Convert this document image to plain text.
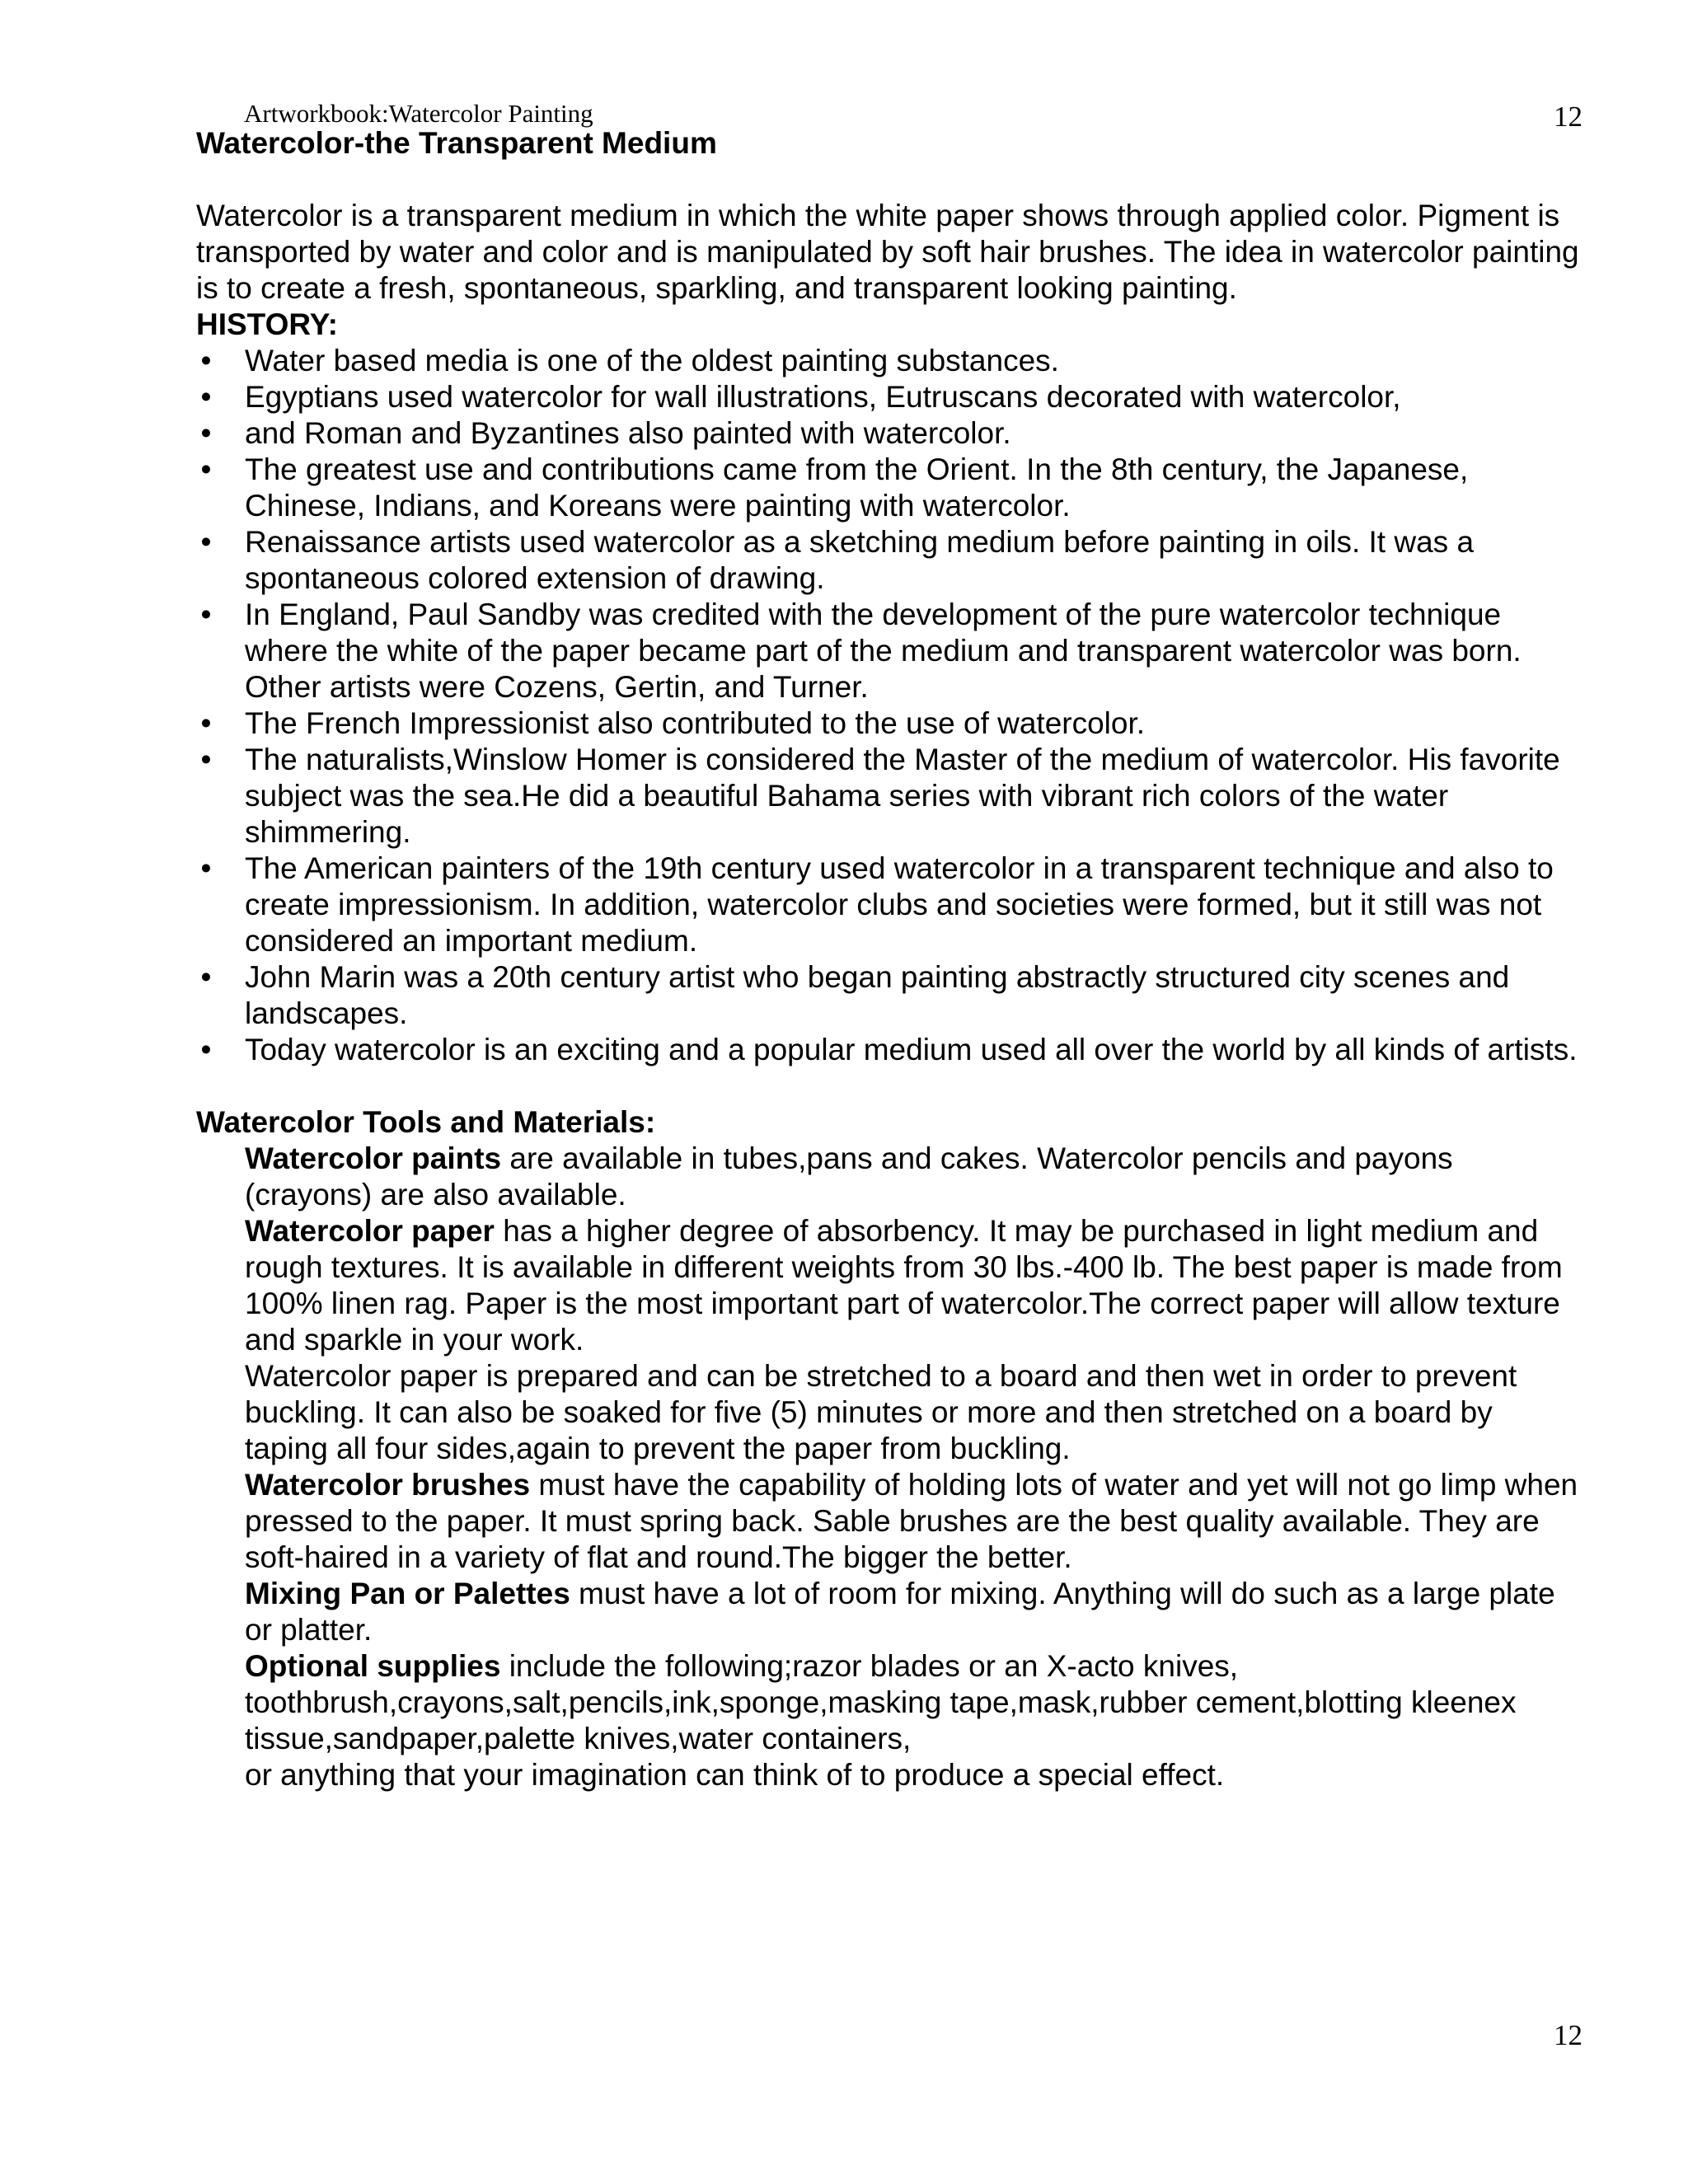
Artworkbook:Watercolor Painting	12
Watercolor-the Transparent Medium

Watercolor is a transparent medium in which the white paper shows through applied color. Pigment is transported by water and color and is manipulated by soft hair brushes. The idea in watercolor painting is to create a fresh, spontaneous, sparkling, and transparent looking painting.

HISTORY:
• Water based media is one of the oldest painting substances.
• Egyptians used watercolor for wall illustrations, Eutruscans decorated with watercolor,
• and Roman and Byzantines also painted with watercolor.
• The greatest use and contributions came from the Orient. In the 8th century, the Japanese, Chinese, Indians, and Koreans were painting with watercolor.
• Renaissance artists used watercolor as a sketching medium before painting in oils. It was a spontaneous colored extension of drawing.
• In England, Paul Sandby was credited with the development of the pure watercolor technique where the white of the paper became part of the medium and transparent watercolor was born. Other artists were Cozens, Gertin, and Turner.
• The French Impressionist also contributed to the use of watercolor.
• The naturalists,Winslow Homer is considered the Master of the medium of watercolor. His favorite subject was the sea.He did a beautiful Bahama series with vibrant rich colors of the water shimmering.
• The American painters of the 19th century used watercolor in a transparent technique and also to create impressionism. In addition, watercolor clubs and societies were formed, but it still was not considered an important medium.
• John Marin was a 20th century artist who began painting abstractly structured city scenes and landscapes.
• Today watercolor is an exciting and a popular medium used all over the world by all kinds of artists.
Watercolor Tools and Materials:

Watercolor paints are available in tubes,pans and cakes. Watercolor pencils and payons (crayons) are also available.

Watercolor paper has a higher degree of absorbency. It may be purchased in light medium and rough textures. It is available in different weights from 30 lbs.-400 lb. The best paper is made from 100% linen rag. Paper is the most important part of watercolor.The correct paper will allow texture and sparkle in your work.

Watercolor paper is prepared and can be stretched to a board and then wet in order to prevent buckling. It can also be soaked for five (5) minutes or more and then stretched on a board by taping all four sides,again to prevent the paper from buckling.

Watercolor brushes must have the capability of holding lots of water and yet will not go limp when pressed to the paper. It must spring back. Sable brushes are the best quality available. They are soft-haired in a variety of flat and round.The bigger the better.

Mixing Pan or Palettes must have a lot of room for mixing. Anything will do such as a large plate or platter.

Optional supplies include the following;razor blades or an X-acto knives, toothbrush,crayons,salt,pencils,ink,sponge,masking tape,mask,rubber cement,blotting kleenex tissue,sandpaper,palette knives,water containers,

or anything that your imagination can think of to produce a special effect.

12
